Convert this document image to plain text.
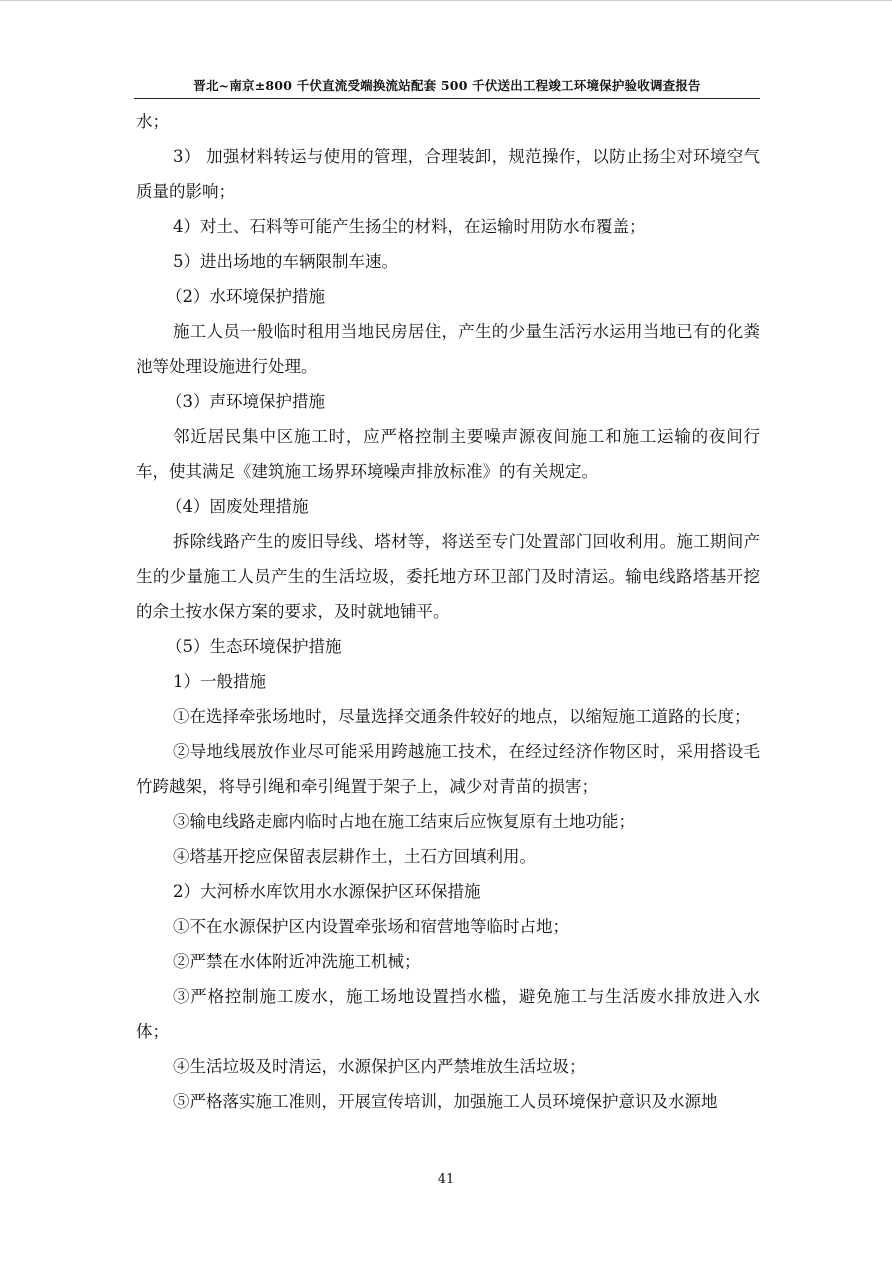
晋北~南京±800 千伏直流受端换流站配套 500 千伏送出工程竣工环境保护验收调查报告

水；

3） 加强材料转运与使用的管理，合理装卸，规范操作，以防止扬尘对环境空气质量的影响；

4）对土、石料等可能产生扬尘的材料，在运输时用防水布覆盖；

5）进出场地的车辆限制车速。

（2）水环境保护措施

施工人员一般临时租用当地民房居住，产生的少量生活污水运用当地已有的化粪池等处理设施进行处理。

（3）声环境保护措施

邻近居民集中区施工时，应严格控制主要噪声源夜间施工和施工运输的夜间行车，使其满足《建筑施工场界环境噪声排放标准》的有关规定。

（4）固废处理措施

拆除线路产生的废旧导线、塔材等，将送至专门处置部门回收利用。施工期间产生的少量施工人员产生的生活垃圾，委托地方环卫部门及时清运。输电线路塔基开挖的余土按水保方案的要求，及时就地铺平。

（5）生态环境保护措施

1）一般措施

①在选择牵张场地时，尽量选择交通条件较好的地点，以缩短施工道路的长度；

②导地线展放作业尽可能采用跨越施工技术，在经过经济作物区时，采用搭设毛竹跨越架，将导引绳和牵引绳置于架子上，减少对青苗的损害；

③输电线路走廊内临时占地在施工结束后应恢复原有土地功能；

④塔基开挖应保留表层耕作土，土石方回填利用。

2）大河桥水库饮用水水源保护区环保措施

①不在水源保护区内设置牵张场和宿营地等临时占地；

②严禁在水体附近冲洗施工机械；

③严格控制施工废水，施工场地设置挡水槛，避免施工与生活废水排放进入水体；

④生活垃圾及时清运，水源保护区内严禁堆放生活垃圾；

⑤严格落实施工准则，开展宣传培训，加强施工人员环境保护意识及水源地

41
